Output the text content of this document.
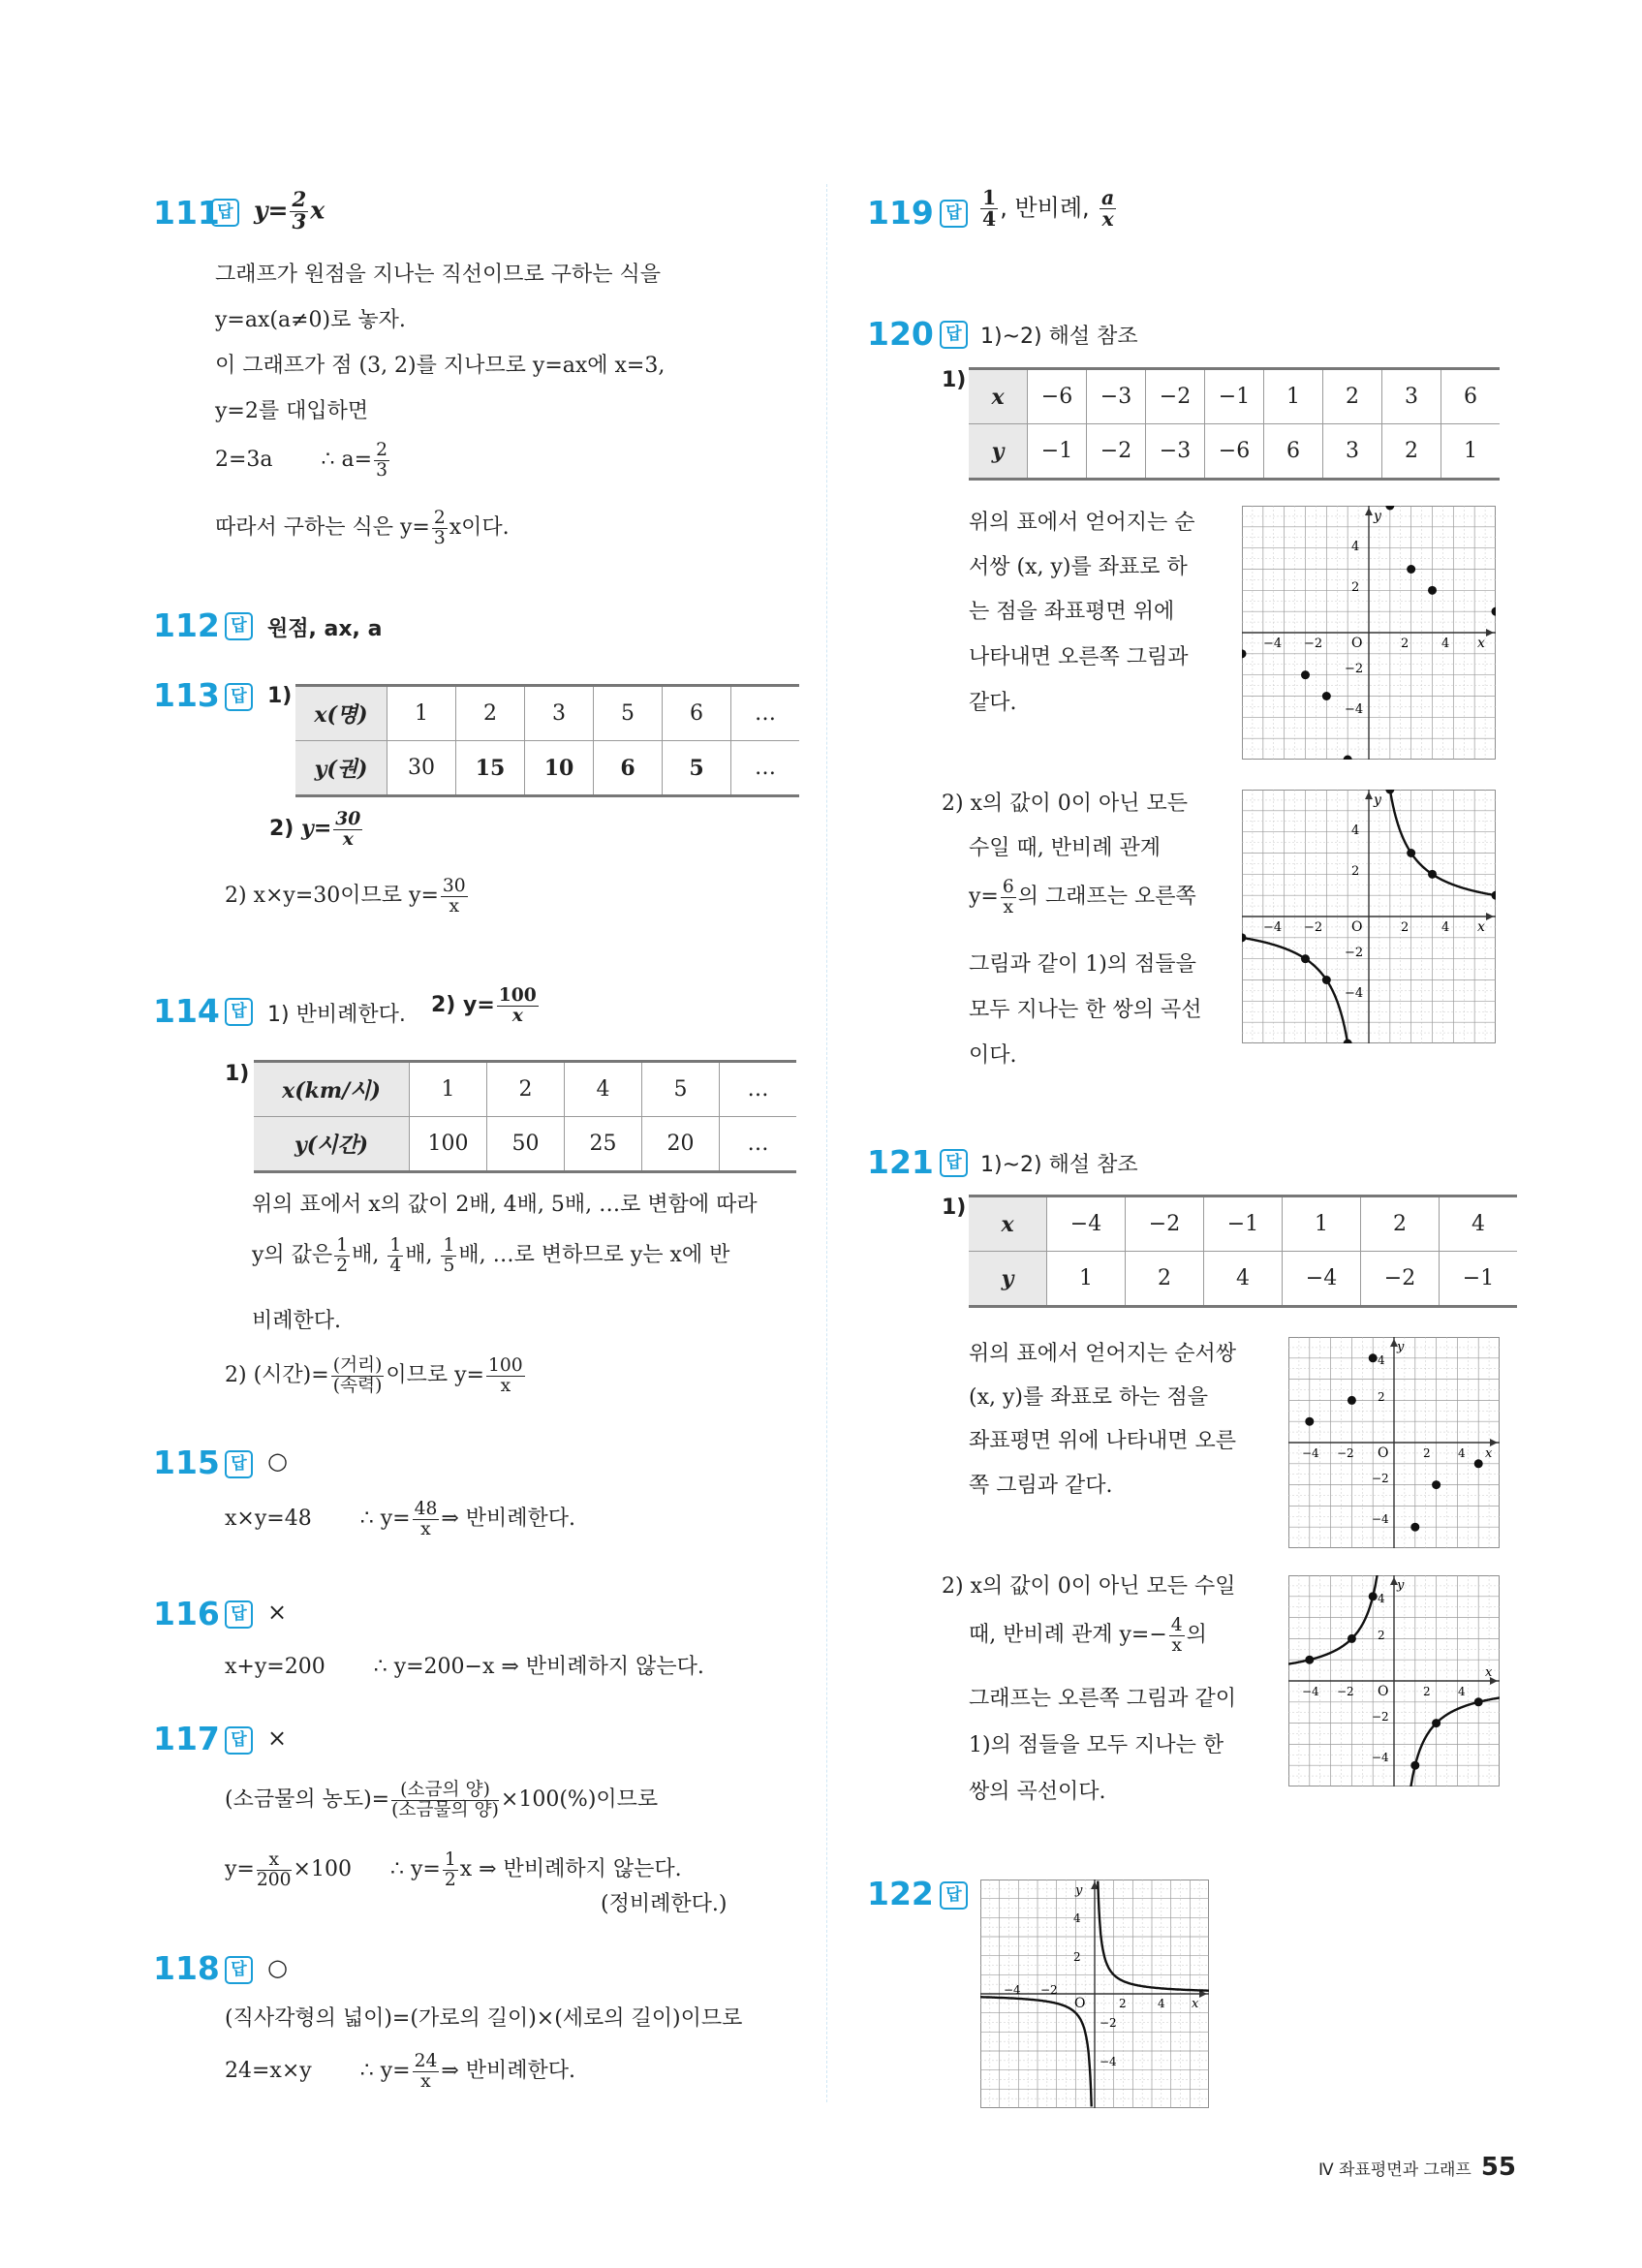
111
답 $y= \frac{2}{3}$ x
그래프가 원점을 지나는 직선이므로 구하는 식을
y=ax(a≠0)로 놓자.
이 그래프가 점 (3, 2)를 지나므로 y=ax에 x=3,
y=2를 대입하면
2=3a ∴ $a= \frac{2}{3}$
따라서 구하는 식은 $y= \frac{2}{3}$ x이다.
112 답 원점, ax, a
113 답 1)
x(명)	1	2	3	5	6	…
y(권)	30	15	10	6	5	…
2) $y= \frac{30}{x}$
2) x×y=30이므로 $y= \frac{30}{x}$
114 답 1) 반비례한다. 2) $y= \frac{100}{x}$
1)
x(km/시)	1	2	4	5	…
y(시간)	100	50	25	20	…
위의 표에서 x의 값이 2배, 4배, 5배, …로 변함에 따라
y의 값은 $\frac{1}{2}$ 배, $\frac{1}{4}$ 배, $\frac{1}{5}$ 배, …로 변하므로 y는 x에 반
비례한다.
2) (시간)= $\frac{\text{(거리)}}{\text{(속력)}}$ 이므로 $y= \frac{100}{x}$
115 답 ○
x×y=48 ∴ $y= \frac{48}{x}$ ⇒ 반비례한다.
116 답 ×
x+y=200 ∴ y=200−x ⇒ 반비례하지 않는다.
117 답 ×
(소금물의 농도)= $\frac{\text{(소금의 양)}}{\text{(소금물의 양)}} \times 100(\%)$이므로
$y= \frac{x}{200} \times 100$ ∴ $y= \frac{1}{2}$ x ⇒ 반비례하지 않는다.
(정비례한다.)
118 답 ○
(직사각형의 넓이)=(가로의 길이)×(세로의 길이)이므로
24=x×y ∴ $y= \frac{24}{x}$ ⇒ 반비례한다.
119 답 $\frac{1}{4}$ , 반비례, $\frac{a}{x}$
120 답 1)~2) 해설 참조
1)
x	−6	−3	−2	−1	1	2	3	6
y	−1	−2	−3	−6	6	3	2	1
위의 표에서 얻어지는 순
서쌍 (x, y)를 좌표로 하
는 점을 좌표평면 위에
나타내면 오른쪽 그림과
같다.
2) x의 값이 0이 아닌 모든
수일 때, 반비례 관계
$y= \frac{6}{x}$ 의 그래프는 오른쪽
그림과 같이 1)의 점들을
모두 지나는 한 쌍의 곡선
이다.
121 답 1)~2) 해설 참조
1)
x	−4	−2	−1	1	2	4
y	1	2	4	−4	−2	−1
위의 표에서 얻어지는 순서쌍
(x, y)를 좌표로 하는 점을
좌표평면 위에 나타내면 오른
쪽 그림과 같다.
2) x의 값이 0이 아닌 모든 수일
때, 반비례 관계 $y=- \frac{4}{x}$ 의
그래프는 오른쪽 그림과 같이
1)의 점들을 모두 지나는 한
쌍의 곡선이다.
122 답
y
x
O
−4 −2	2	4
4
2
−2
−4
y
x
O
−4 −2	2	4
4
2
−2
−4
y
x
O
−4 −2	2 4
4
2
−2
−4
y
x
O
−4 −2	2 4
4
2
−2
−4
y
x
O
−4 −2
2	4
4
2
−2
−4
Ⅳ 좌표평면과 그래프 55
